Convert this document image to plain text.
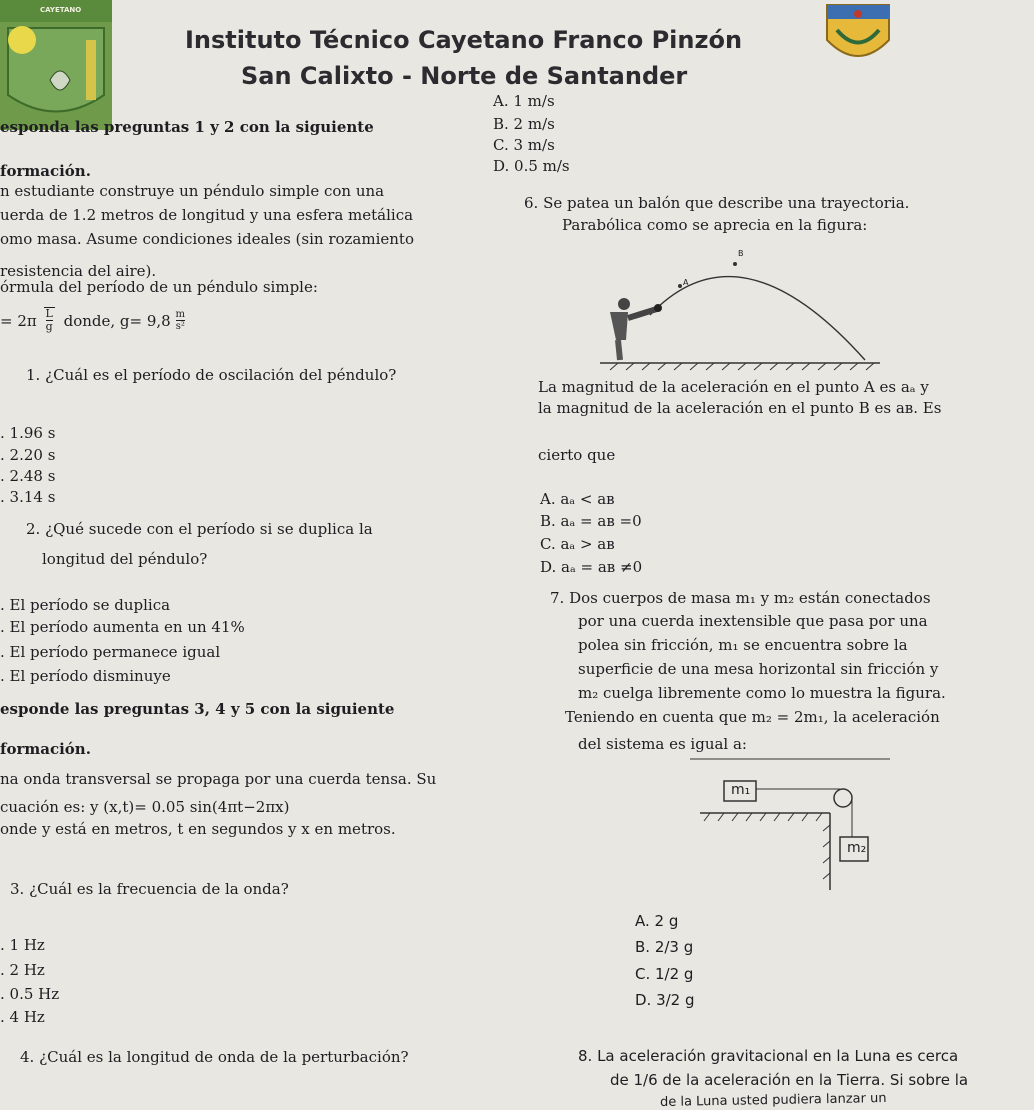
CAYETANO
Instituto Técnico Cayetano Franco Pinzón
San Calixto - Norte de Santander
esponda las preguntas 1 y 2 con la siguiente
formación.
n estudiante construye un péndulo simple con una
uerda de 1.2 metros de longitud y una esfera metálica
omo masa. Asume condiciones ideales (sin rozamiento
resistencia del aire).
órmula del período de un péndulo simple:
= $2\pi \frac{L}{g}$ donde, $g= 9,8 \frac{m}{\text{s²}}$
1. ¿Cuál es el período de oscilación del péndulo?
. 1.96 s
. 2.20 s
. 2.48 s
. 3.14 s
2. ¿Qué sucede con el período si se duplica la
longitud del péndulo?
. El período se duplica
. El período aumenta en un 41%
. El período permanece igual
. El período disminuye
esponde las preguntas 3, 4 y 5 con la siguiente
formación.
na onda transversal se propaga por una cuerda tensa. Su
cuación es: y (x,t)= 0.05 sin(4πt−2πx)
onde y está en metros, t en segundos y x en metros.
3. ¿Cuál es la frecuencia de la onda?
. 1 Hz
. 2 Hz
. 0.5 Hz
. 4 Hz
4. ¿Cuál es la longitud de onda de la perturbación?
A. 1 m/s
B. 2 m/s
C. 3 m/s
D. 0.5 m/s
6. Se patea un balón que describe una trayectoria.
Parabólica como se aprecia en la figura:
B
A
La magnitud de la aceleración en el punto A es aₐ y
la magnitud de la aceleración en el punto B es aʙ. Es
cierto que
A. aₐ < aʙ
B. aₐ = aʙ =0
C. aₐ > aʙ
D. aₐ = aʙ ≠0
7. Dos cuerpos de masa m₁ y m₂ están conectados
por una cuerda inextensible que pasa por una
polea sin fricción, m₁ se encuentra sobre la
superficie de una mesa horizontal sin fricción y
m₂ cuelga libremente como lo muestra la figura.
Teniendo en cuenta que m₂ = 2m₁, la aceleración
del sistema es igual a:
m₁
m₂
A. 2 g
B. 2/3 g
C. 1/2 g
D. 3/2 g
8. La aceleración gravitacional en la Luna es cerca
de 1/6 de la aceleración en la Tierra. Si sobre la
de la Luna usted pudiera lanzar un
